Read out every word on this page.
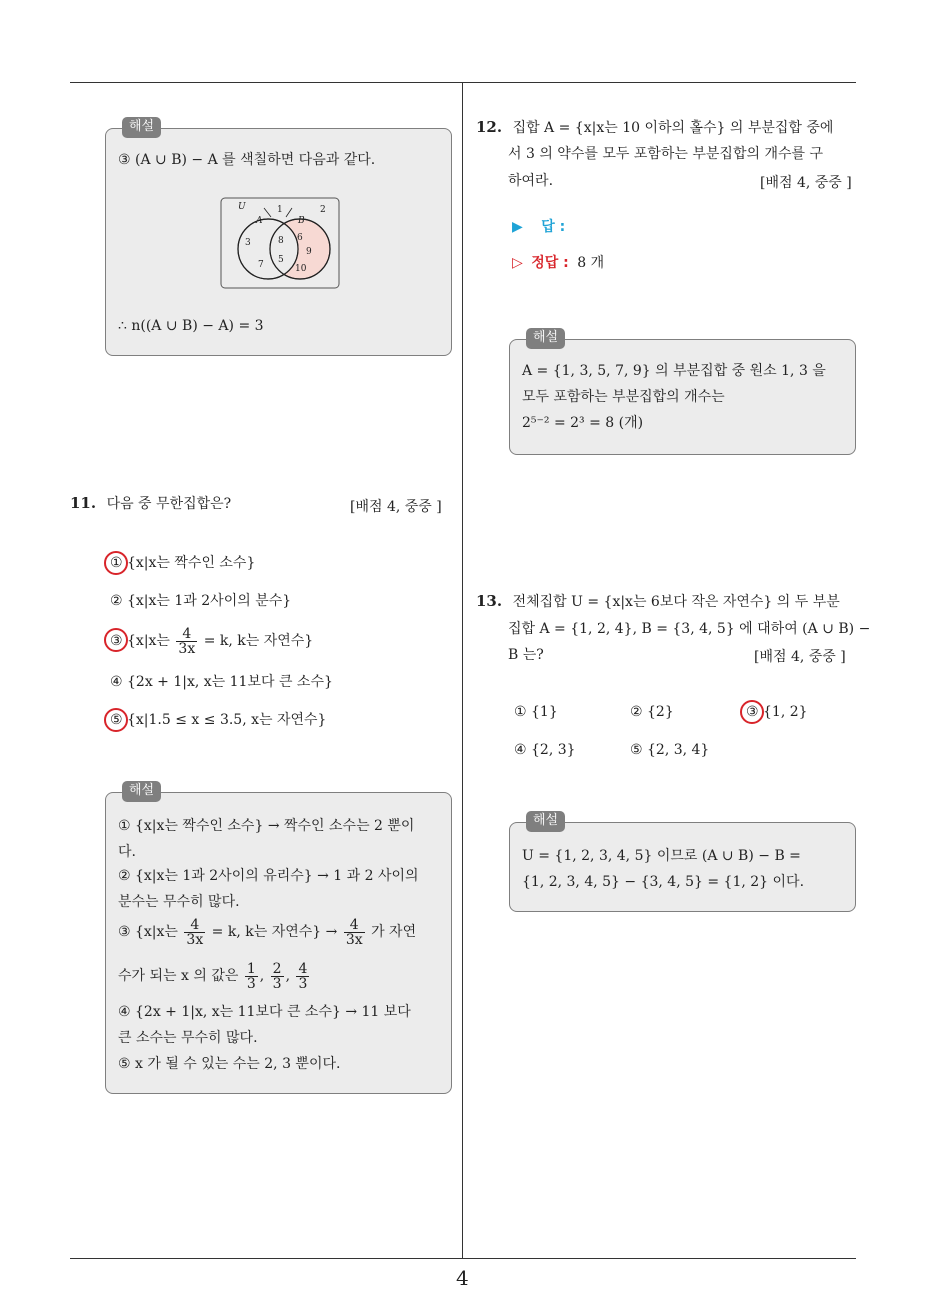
해설
③ (A ∪ B) − A 를 색칠하면 다음과 같다.
U
A	B
1	2
3
7
8
5
6
9
10
∴ n((A ∪ B) − A) = 3
11. 다음 중 무한집합은?	[배점 4, 중중 ]
① {x|x는 짝수인 소수}
② {x|x는 1과 2사이의 분수}
③ {x|x는 $\frac{4}{3x} = k$, k는 자연수}
④ {2x + 1|x, x는 11보다 큰 소수}
⑤ {x|1.5 ≤ x ≤ 3.5, x는 자연수}
해설
① {x|x는 짝수인 소수} → 짝수인 소수는 2 뿐이
다.
② {x|x는 1과 2사이의 유리수} → 1 과 2 사이의
분수는 무수히 많다.
③ {x|x는 $\frac{4}{3x} = k$, k는 자연수} → $\frac{4}{3x}$ 가 자연
수가 되는 x 의 값은 $\frac{1}{3}$ , $\frac{2}{3}$ , $\frac{4}{3}$
④ {2x + 1|x, x는 11보다 큰 소수} → 11 보다
큰 소수는 무수히 많다.
⑤ x 가 될 수 있는 수는 2, 3 뿐이다.
12. 집합 A = {x|x는 10 이하의 홀수} 의 부분집합 중에
서 3 의 약수를 모두 포함하는 부분집합의 개수를 구
하여라.	[배점 4, 중중 ]
▶ 답 :
▷ 정답 : 8 개
해설
A = {1, 3, 5, 7, 9} 의 부분집합 중 원소 1, 3 을
모두 포함하는 부분집합의 개수는
2⁵⁻² = 2³ = 8 (개)
13. 전체집합 U = {x|x는 6보다 작은 자연수} 의 두 부분
집합 A = {1, 2, 4}, B = {3, 4, 5} 에 대하여 (A ∪ B) −
B 는?	[배점 4, 중중 ]
① {1}	② {2}	③ {1, 2}
④ {2, 3}	⑤ {2, 3, 4}
해설
U = {1, 2, 3, 4, 5} 이므로 (A ∪ B) − B =
{1, 2, 3, 4, 5} − {3, 4, 5} = {1, 2} 이다.
4
